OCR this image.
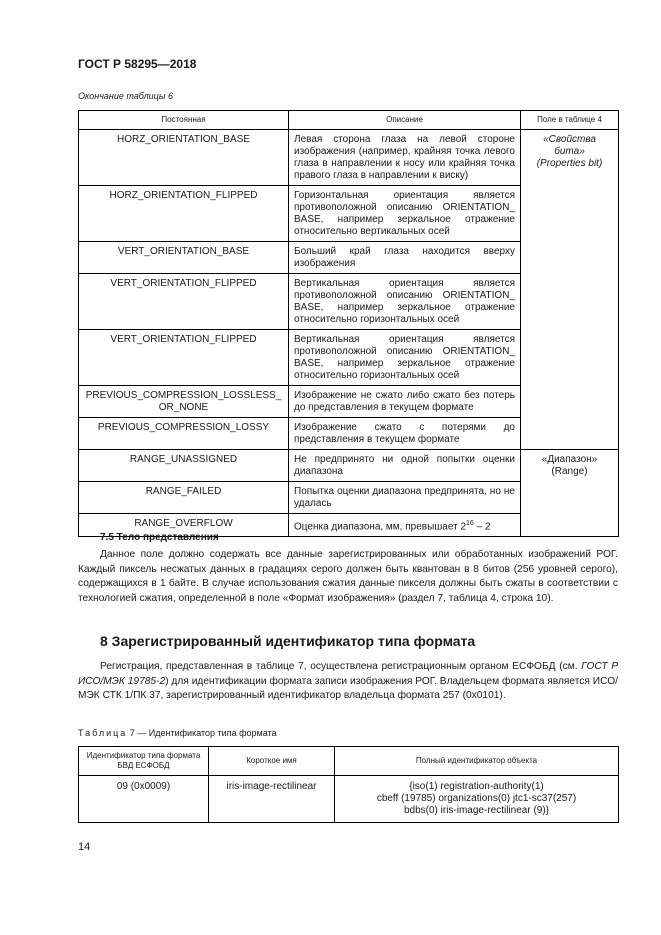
ГОСТ Р 58295—2018
Окончание таблицы 6
Постоянная	Описание	Поле в таблице 4
HORZ_ORIENTATION_BASE	Левая сторона глаза на левой стороне изображения (например, крайняя точка левого глаза в направлении к носу или крайняя точка правого глаза в направлении к виску)	«Свойства
бита»
(Properties bit)
HORZ_ORIENTATION_FLIPPED	Горизонтальная ориентация является противоположной описанию ORIENTATION_ BASE, например зеркальное отражение относительно вертикальных осей	
VERT_ORIENTATION_BASE	Больший край глаза находится вверху изображения	
VERT_ORIENTATION_FLIPPED	Вертикальная ориентация является противоположной описанию ORIENTATION_ BASE, например зеркальное отражение относительно горизонтальных осей	
VERT_ORIENTATION_FLIPPED	Вертикальная ориентация является противоположной описанию ORIENTATION_ BASE, например зеркальное отражение относительно горизонтальных осей	
PREVIOUS_COMPRESSION_LOSSLESS_ OR_NONE	Изображение не сжато либо сжато без потерь до представления в текущем формате	
PREVIOUS_COMPRESSION_LOSSY	Изображение сжато с потерями до представления в текущем формате	
RANGE_UNASSIGNED	Не предпринято ни одной попытки оценки диапазона	«Диапазон»
(Range)
RANGE_FAILED	Попытка оценки диапазона предпринята, но не удалась	
RANGE_OVERFLOW	Оценка диапазона, мм, превышает $2^{16} - 2$	
7.5 Тело представления
Данное поле должно содержать все данные зарегистрированных или обработанных изображений РОГ. Каждый пиксель несжатых данных в градациях серого должен быть квантован в 8 битов (256 уровней серого), содержащихся в 1 байте. В случае использования сжатия данные пикселя должны быть сжаты в соответствии с технологией сжатия, определенной в поле «Формат изображения» (раздел 7, таблица 4, строка 10).
8 Зарегистрированный идентификатор типа формата
Регистрация, представленная в таблице 7, осуществлена регистрационным органом ЕСФОБД (см. ГОСТ Р ИСО/МЭК 19785-2) для идентификации формата записи изображения РОГ. Владельцем формата является ИСО/МЭК СТК 1/ПК 37, зарегистрированный идентификатор владельца формата 257 (0x0101).
Таблица 7 — Идентификатор типа формата
Идентификатор типа формата БВД ЕСФОБД	Короткое имя	Полный идентификатор объекта
09 (0x0009)	iris-image-rectilinear	{iso(1) registration-authority(1)
cbeff (19785) organizations(0) jtc1-sc37(257)
bdbs(0) iris-image-rectilinear (9)}
14
